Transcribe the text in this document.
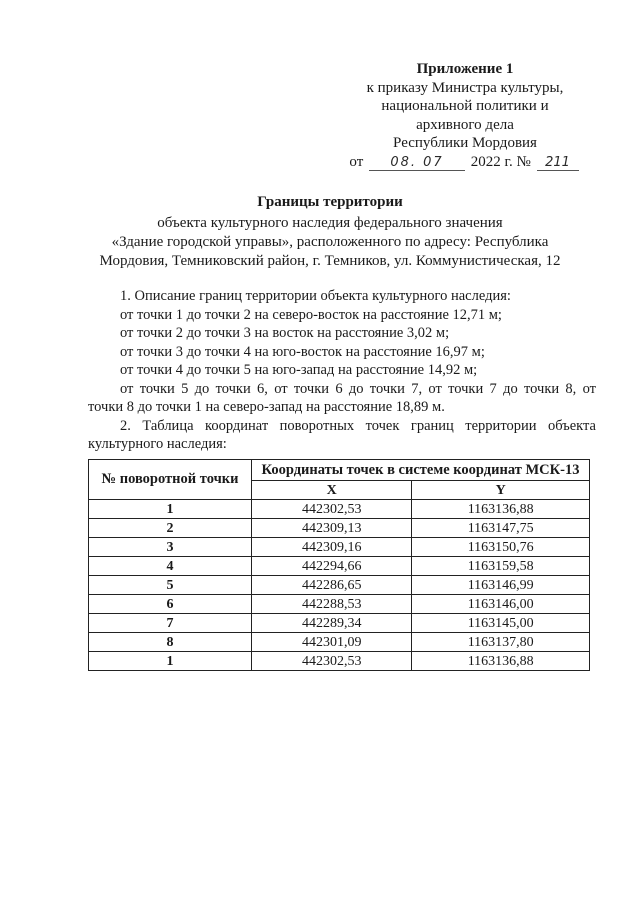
Приложение 1
к приказу Министра культуры,
национальной политики и
архивного дела
Республики Мордовия
от 08. 07 2022 г. № 211
Границы территории
объекта культурного наследия федерального значения
«Здание городской управы», расположенного по адресу: Республика
Мордовия, Темниковский район, г. Темников, ул. Коммунистическая, 12

1. Описание границ территории объекта культурного наследия:

от точки 1 до точки 2 на северо-восток на расстояние 12,71 м;

от точки 2 до точки 3 на восток на расстояние 3,02 м;

от точки 3 до точки 4 на юго-восток на расстояние 16,97 м;

от точки 4 до точки 5 на юго-запад на расстояние 14,92 м;

от точки 5 до точки 6, от точки 6 до точки 7, от точки 7 до точки 8, от

точки 8 до точки 1 на северо-запад на расстояние 18,89 м.

2. Таблица координат поворотных точек границ территории объекта

культурного наследия:

№ поворотной точки	Координаты точек в системе координат МСК-13	
	X	Y
1	442302,53	1163136,88
2	442309,13	1163147,75
3	442309,16	1163150,76
4	442294,66	1163159,58
5	442286,65	1163146,99
6	442288,53	1163146,00
7	442289,34	1163145,00
8	442301,09	1163137,80
1	442302,53	1163136,88
